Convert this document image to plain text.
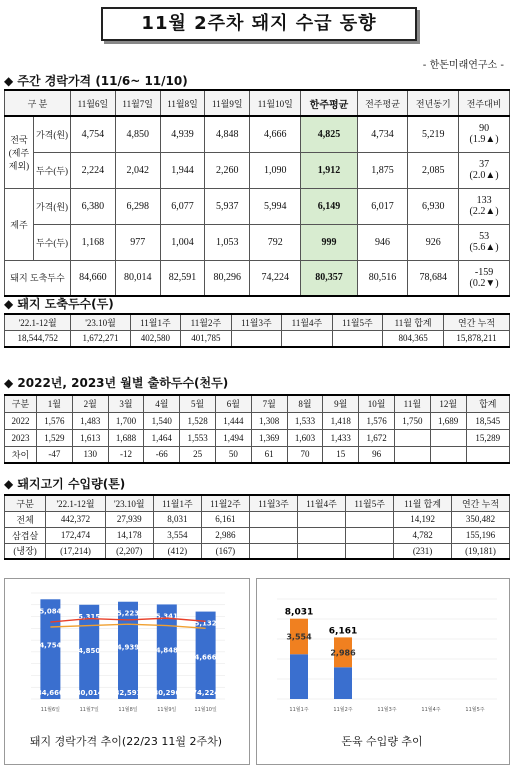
11월 2주차 돼지 수급 동향
- 한돈미래연구소 -
◆ 주간 경락가격 (11/6~ 11/10)
구 분		11월6일	11월7일	11월8일	11월9일	11월10일	한주평균	전주평균	전년동기	전주대비
전국 (제주 제외)	가격(원)	4,754	4,850	4,939	4,848	4,666	4,825	4,734	5,219	90
(1.9▲)

	두수(두)	2,224	2,042	1,944	2,260	1,090	1,912	1,875	2,085	37
(2.0▲)

제주	가격(원)	6,380	6,298	6,077	5,937	5,994	6,149	6,017	6,930	133
(2.2▲)

	두수(두)	1,168	977	1,004	1,053	792	999	946	926	53
(5.6▲)

돼지 도축두수		84,660	80,014	82,591	80,296	74,224	80,357	80,516	78,684	-159
(0.2▼)
◆ 돼지 도축두수(두)
'22.1-12월	'23.10월	11월1주	11월2주	11월3주	11월4주	11월5주	11월 합계	연간 누적
18,544,752	1,672,271	402,580	401,785				804,365	15,878,211
◆ 2022년, 2023년 월별 출하두수(천두)
구분	1월	2월	3월	4월	5월	6월	7월	8월	9월	10월	11월	12월	합계
2022	1,576	1,483	1,700	1,540	1,528	1,444	1,308	1,533	1,418	1,576	1,750	1,689	18,545
2023	1,529	1,613	1,688	1,464	1,553	1,494	1,369	1,603	1,433	1,672			15,289
차이	-47	130	-12	-66	25	50	61	70	15	96			
◆ 돼지고기 수입량(톤)
구분	'22.1-12월	'23.10월	11월1주	11월2주	11월3주	11월4주	11월5주	11월 합계	연간 누적
전체	442,372	27,939	8,031	6,161				14,192	350,482
삼겹살	172,474	14,178	3,554	2,986				4,782	155,196
(냉장)	(17,214)	(2,207)	(412)	(167)				(231)	(19,181)
84,660
5,084
4,754
11월6일
80,014
5,315
4,850
11월7일
82,591
5,223
4,939
11월8일
80,296
5,341
4,848
11월9일
74,224
5,132
4,666
11월10일
3,554
8,031
11월1주
2,986
6,161
11월2주	11월3주	11월4주	11월5주
돼지 경락가격 추이(22/23 11월 2주차)	돈육 수입량 추이
